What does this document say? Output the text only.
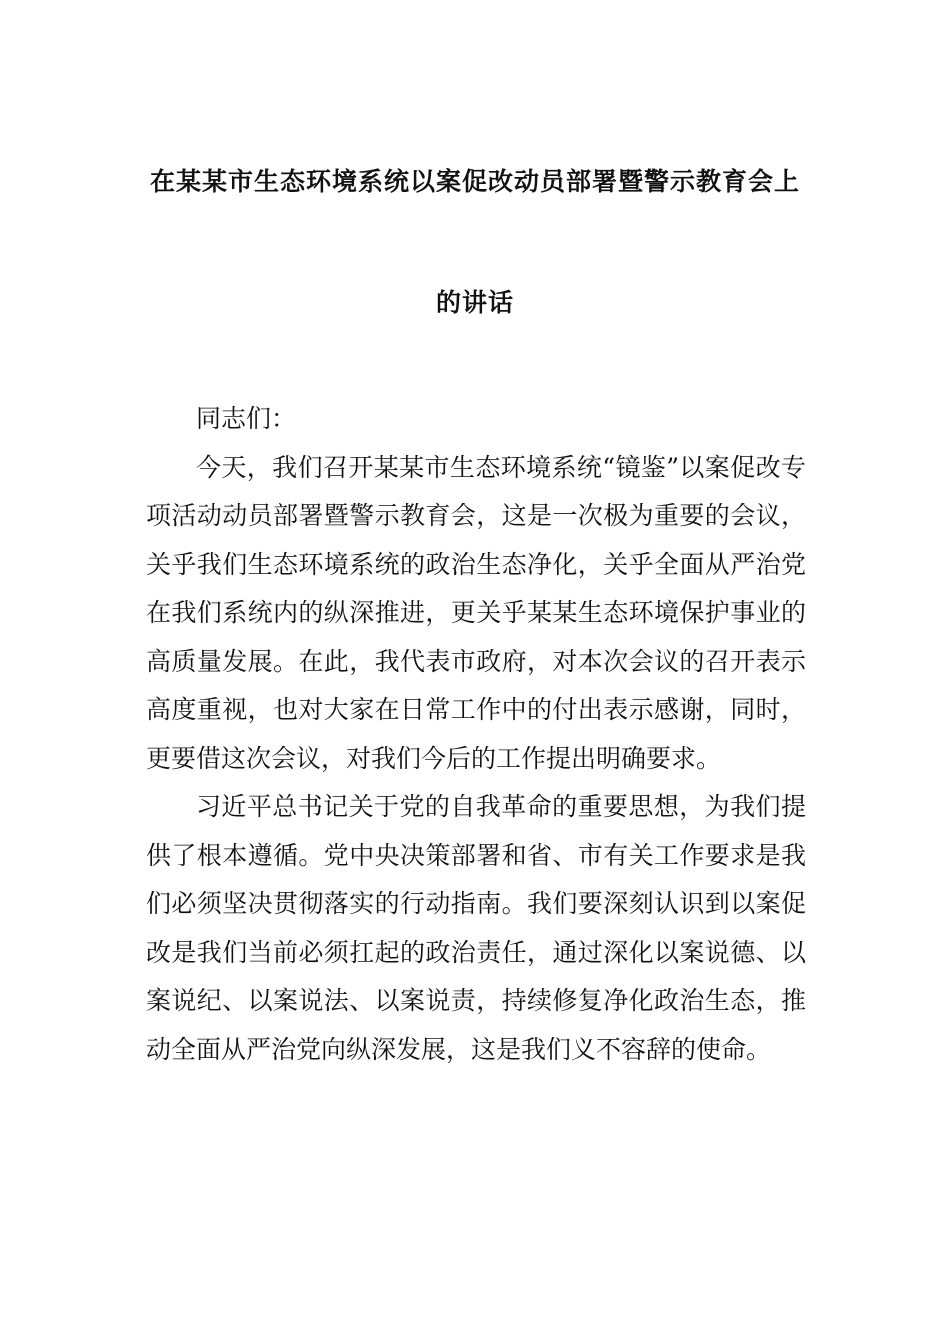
在某某市生态环境系统以案促改动员部署暨警示教育会上
的讲话

同志们：

今天，我们召开某某市生态环境系统“镜鉴”以案促改专项活动动员部署暨警示教育会，这是一次极为重要的会议，关乎我们生态环境系统的政治生态净化，关乎全面从严治党在我们系统内的纵深推进，更关乎某某生态环境保护事业的高质量发展。在此，我代表市政府，对本次会议的召开表示高度重视，也对大家在日常工作中的付出表示感谢，同时，更要借这次会议，对我们今后的工作提出明确要求。

习近平总书记关于党的自我革命的重要思想，为我们提供了根本遵循。党中央决策部署和省、市有关工作要求是我们必须坚决贯彻落实的行动指南。我们要深刻认识到以案促改是我们当前必须扛起的政治责任，通过深化以案说德、以案说纪、以案说法、以案说责，持续修复净化政治生态，推动全面从严治党向纵深发展，这是我们义不容辞的使命。
